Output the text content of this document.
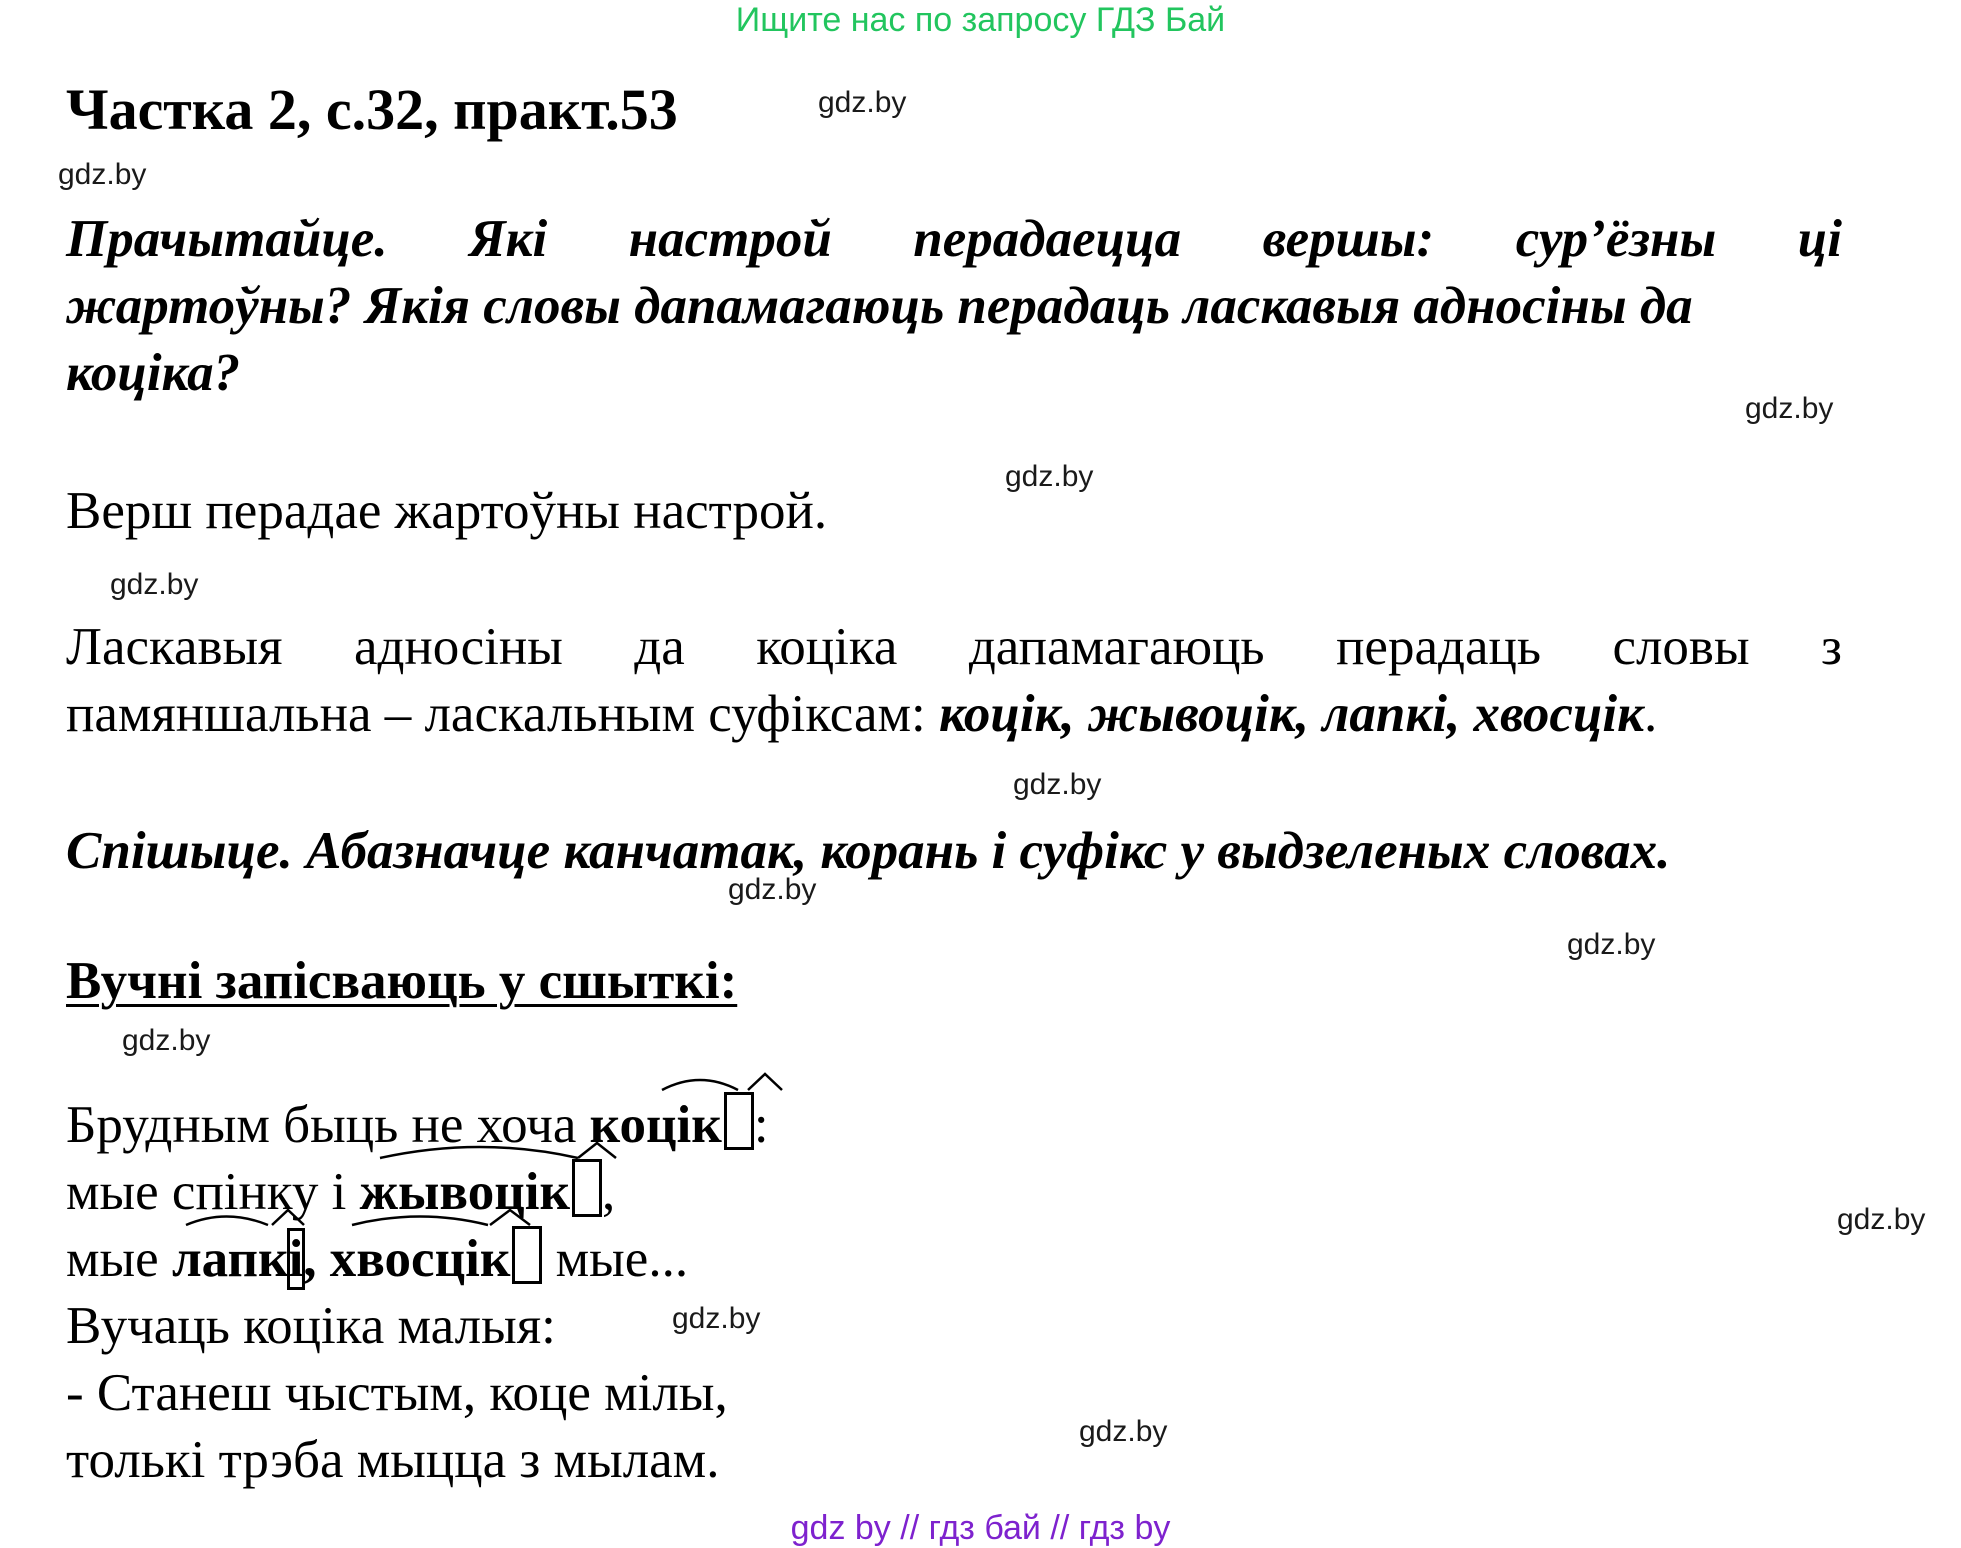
Ищите нас по запросу ГДЗ Бай
Частка 2, с.32, практ.53	gdz.by
gdz.by
gdz.by
gdz.by
gdz.by
gdz.by
gdz.by
gdz.by
gdz.by
gdz.by
gdz.by
gdz.by
Прачытайце. Які настрой перадаецца вершы: сур’ёзны ці
жартоўны? Якія словы дапамагаюць перадаць ласкавыя адносіны да
коціка?
Верш перадае жартоўны настрой.
Ласкавыя адносіны да коціка дапамагаюць перадаць словы з
памяншальна – ласкальным суфіксам: коцік, жывоцік, лапкі, хвосцік.
Спішыце. Абазначце канчатак, корань і суфікс у выдзеленых словах.
Вучні запісваюць у сшыткі:
Брудным быць не хоча коцік :
мые спінку і жывоцік ,
мые лапкі, хвосцік мые...
Вучаць коціка малыя:
- Станеш чыстым, коце мілы,
толькі трэба мыцца з мылам.
gdz by // гдз бай // гдз by
